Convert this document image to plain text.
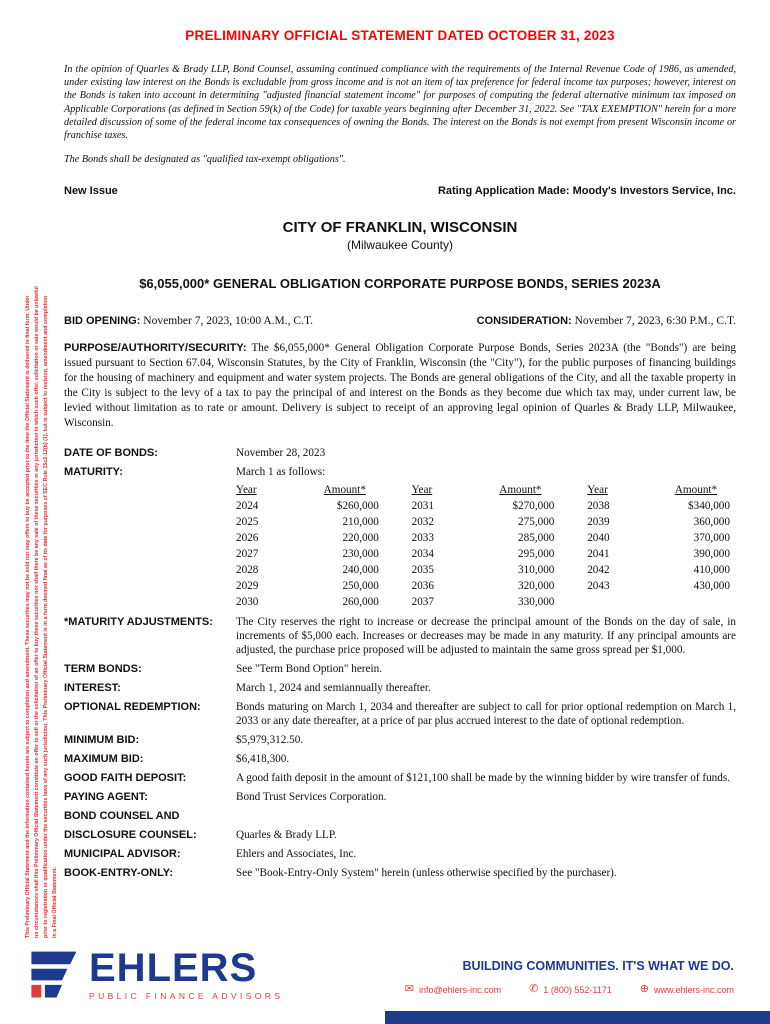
This Preliminary Official Statement and the information contained herein are subject to completion and amendment. These securities may not be sold nor may offers to buy be accepted prior to the time the Official Statement is delivered in final form. Under no circumstances shall this Preliminary Official Statement constitute an offer to sell or the solicitation of an offer to buy these securities nor shall there be any sale of these securities in any jurisdiction in which such offer, solicitation or sale would be unlawful prior to registration or qualification under the securities laws of any such jurisdiction. This Preliminary Official Statement is in a form deemed final as of its date for purposes of SEC Rule 15c2-12(b) (1), but is subject to revision, amendment and completion in a Final Official Statement.
PRELIMINARY OFFICIAL STATEMENT DATED OCTOBER 31, 2023

In the opinion of Quarles & Brady LLP, Bond Counsel, assuming continued compliance with the requirements of the Internal Revenue Code of 1986, as amended, under existing law interest on the Bonds is excludable from gross income and is not an item of tax preference for federal income tax purposes; however, interest on the Bonds is taken into account in determining "adjusted financial statement income" for purposes of computing the federal alternative minimum tax imposed on Applicable Corporations (as defined in Section 59(k) of the Code) for taxable years beginning after December 31, 2022. See "TAX EXEMPTION" herein for a more detailed discussion of some of the federal income tax consequences of owning the Bonds. The interest on the Bonds is not exempt from present Wisconsin income or franchise taxes.

The Bonds shall be designated as "qualified tax-exempt obligations".

New Issue	Rating Application Made: Moody's Investors Service, Inc.
CITY OF FRANKLIN, WISCONSIN
(Milwaukee County)
$6,055,000* GENERAL OBLIGATION CORPORATE PURPOSE BONDS, SERIES 2023A
BID OPENING: November 7, 2023, 10:00 A.M., C.T.	CONSIDERATION: November 7, 2023, 6:30 P.M., C.T.

PURPOSE/AUTHORITY/SECURITY: The $6,055,000* General Obligation Corporate Purpose Bonds, Series 2023A (the "Bonds") are being issued pursuant to Section 67.04, Wisconsin Statutes, by the City of Franklin, Wisconsin (the "City"), for the public purposes of financing buildings for the housing of machinery and equipment and water system projects. The Bonds are general obligations of the City, and all the taxable property in the City is subject to the levy of a tax to pay the principal of and interest on the Bonds as they become due which tax may, under current law, be levied without limitation as to rate or amount. Delivery is subject to receipt of an approving legal opinion of Quarles & Brady LLP, Milwaukee, Wisconsin.

DATE OF BONDS:	November 28, 2023
MATURITY:	March 1 as follows:
Year	Amount*	Year	Amount*	Year	Amount*
2024	$260,000	2031	$270,000	2038	$340,000
2025	210,000	2032	275,000	2039	360,000
2026	220,000	2033	285,000	2040	370,000
2027	230,000	2034	295,000	2041	390,000
2028	240,000	2035	310,000	2042	410,000
2029	250,000	2036	320,000	2043	430,000
2030	260,000	2037	330,000
*MATURITY ADJUSTMENTS:	The City reserves the right to increase or decrease the principal amount of the Bonds on the day of sale, in increments of $5,000 each. Increases or decreases may be made in any maturity. If any principal amounts are adjusted, the purchase price proposed will be adjusted to maintain the same gross spread per $1,000.
TERM BONDS:	See "Term Bond Option" herein.
INTEREST:	March 1, 2024 and semiannually thereafter.
OPTIONAL REDEMPTION:	Bonds maturing on March 1, 2034 and thereafter are subject to call for prior optional redemption on March 1, 2033 or any date thereafter, at a price of par plus accrued interest to the date of optional redemption.
MINIMUM BID:	$5,979,312.50.
MAXIMUM BID:	$6,418,300.
GOOD FAITH DEPOSIT:	A good faith deposit in the amount of $121,100 shall be made by the winning bidder by wire transfer of funds.
PAYING AGENT:	Bond Trust Services Corporation.
BOND COUNSEL AND
DISCLOSURE COUNSEL:	Quarles & Brady LLP.
MUNICIPAL ADVISOR:	Ehlers and Associates, Inc.
BOOK-ENTRY-ONLY:	See "Book-Entry-Only System" herein (unless otherwise specified by the purchaser).
EHLERS
PUBLIC FINANCE ADVISORS
BUILDING COMMUNITIES. IT'S WHAT WE DO.
✉ info@ehlers-inc.com	✆ 1 (800) 552-1171	⊕ www.ehlers-inc.com
